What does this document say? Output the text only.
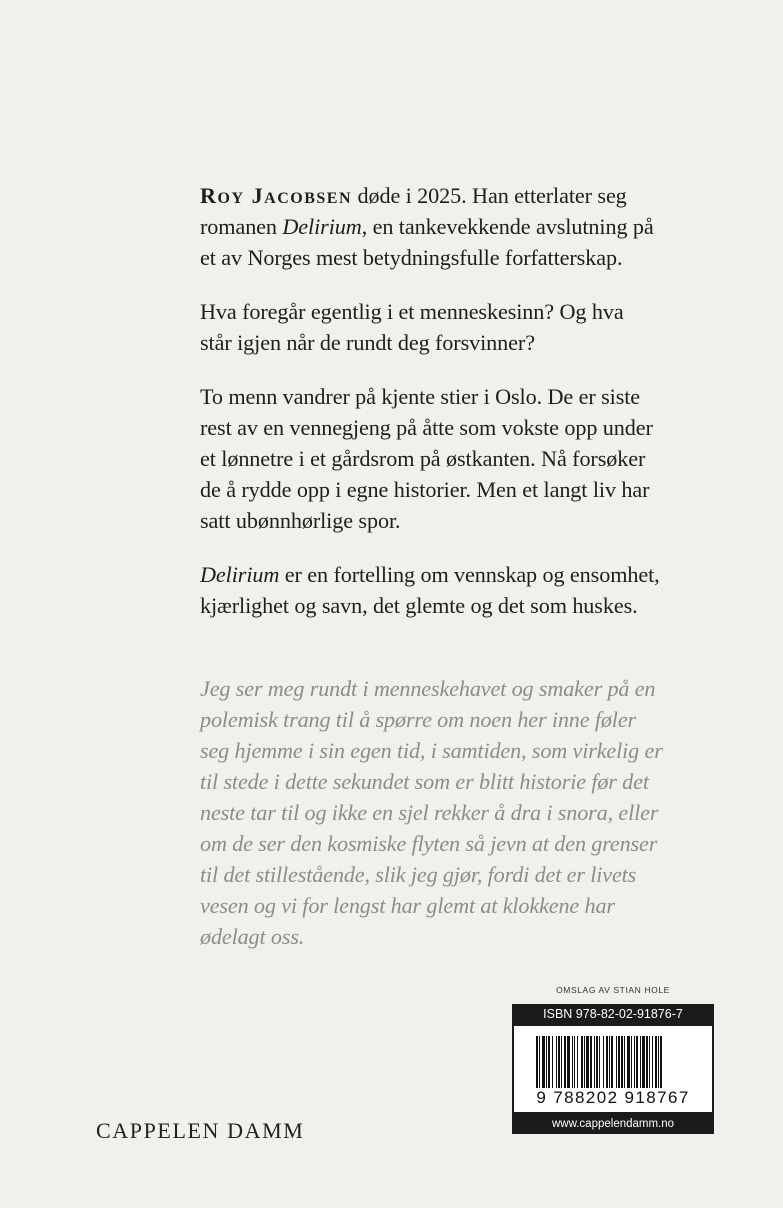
Roy Jacobsen døde i 2025. Han etterlater seg romanen Delirium, en tankevekkende avslutning på et av Norges mest betydningsfulle forfatterskap.

Hva foregår egentlig i et menneskesinn? Og hva står igjen når de rundt deg forsvinner?

To menn vandrer på kjente stier i Oslo. De er siste rest av en vennegjeng på åtte som vokste opp under et lønnetre i et gårdsrom på østkanten. Nå forsøker de å rydde opp i egne historier. Men et langt liv har satt ubønnhørlige spor.

Delirium er en fortelling om vennskap og ensomhet, kjærlighet og savn, det glemte og det som huskes.

Jeg ser meg rundt i menneskehavet og smaker på en polemisk trang til å spørre om noen her inne føler seg hjemme i sin egen tid, i samtiden, som virkelig er til stede i dette sekundet som er blitt historie før det neste tar til og ikke en sjel rekker å dra i snora, eller om de ser den kosmiske flyten så jevn at den grenser til det stillestående, slik jeg gjør, fordi det er livets vesen og vi for lengst har glemt at klokkene har ødelagt oss.
OMSLAG AV STIAN HOLE
ISBN 978-82-02-91876-7
9 788202 918767
www.cappelendamm.no
CAPPELEN DAMM
